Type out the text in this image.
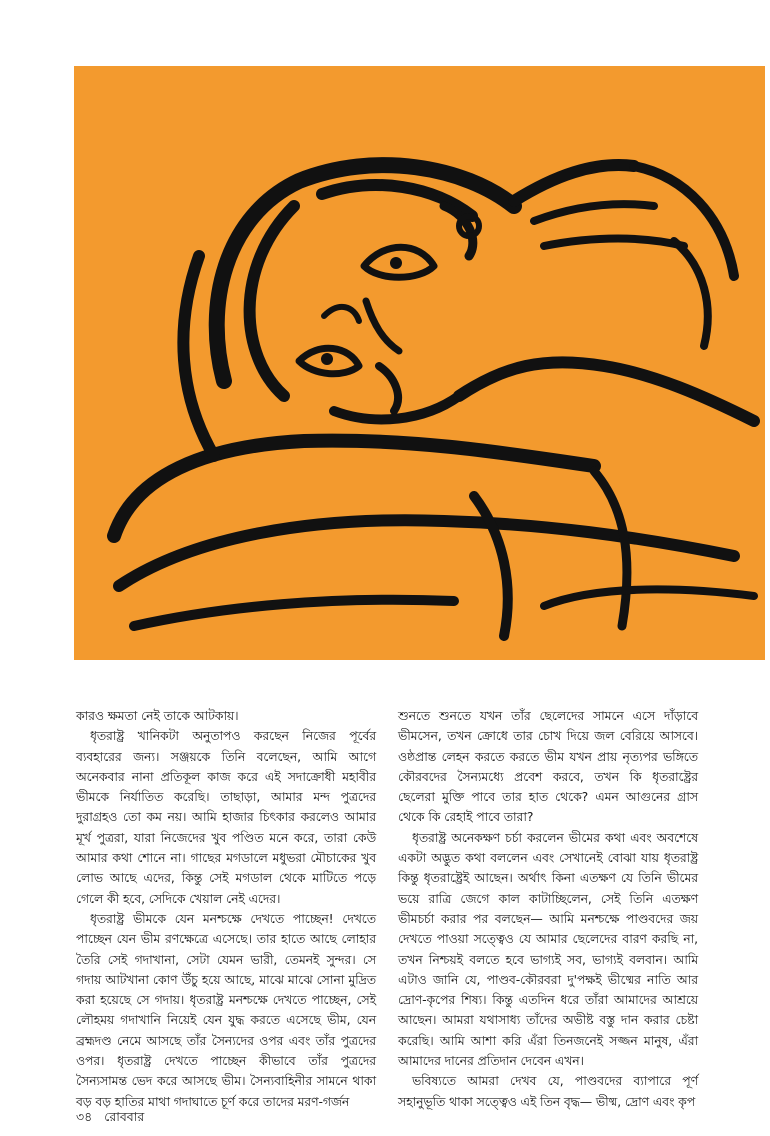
কারও ক্ষমতা নেই তাকে আটকায়।

ধৃতরাষ্ট্র খানিকটা অনুতাপও করছেন নিজের পূর্বের ব্যবহারের জন্য। সঞ্জয়কে তিনি বলেছেন, আমি আগে অনেকবার নানা প্রতিকূল কাজ করে এই সদাক্রোধী মহাবীর ভীমকে নির্যাতিত করেছি। তাছাড়া, আমার মন্দ পুত্রদের দুরাগ্রহও তো কম নয়। আমি হাজার চিৎকার করলেও আমার মূর্খ পুত্ররা, যারা নিজেদের খুব পণ্ডিত মনে করে, তারা কেউ আমার কথা শোনে না। গাছের মগডালে মধুভরা মৌচাকের খুব লোভ আছে এদের, কিন্তু সেই মগডাল থেকে মাটিতে পড়ে গেলে কী হবে, সেদিকে খেয়াল নেই এদের।

ধৃতরাষ্ট্র ভীমকে যেন মনশ্চক্ষে দেখতে পাচ্ছেন! দেখতে পাচ্ছেন যেন ভীম রণক্ষেত্রে এসেছে। তার হাতে আছে লোহার তৈরি সেই গদাখানা, সেটা যেমন ভারী, তেমনই সুন্দর। সে গদায় আটখানা কোণ উঁচু হয়ে আছে, মাঝে মাঝে সোনা মুদ্রিত করা হয়েছে সে গদায়। ধৃতরাষ্ট্র মনশ্চক্ষে দেখতে পাচ্ছেন, সেই লৌহময় গদাখানি নিয়েই যেন যুদ্ধ করতে এসেছে ভীম, যেন ব্রহ্মদণ্ড নেমে আসছে তাঁর সৈন্যদের ওপর এবং তাঁর পুত্রদের ওপর। ধৃতরাষ্ট্র দেখতে পাচ্ছেন কীভাবে তাঁর পুত্রদের সৈন্যসামন্ত ভেদ করে আসছে ভীম। সৈন্যবাহিনীর সামনে থাকা বড় বড় হাতির মাথা গদাঘাতে চূর্ণ করে তাদের মরণ-গর্জন

শুনতে শুনতে যখন তাঁর ছেলেদের সামনে এসে দাঁড়াবে ভীমসেন, তখন ক্রোধে তার চোখ দিয়ে জল বেরিয়ে আসবে। ওষ্ঠপ্রান্ত লেহন করতে করতে ভীম যখন প্রায় নৃত্যপর ভঙ্গিতে কৌরবদের সৈন্যমধ্যে প্রবেশ করবে, তখন কি ধৃতরাষ্ট্রের ছেলেরা মুক্তি পাবে তার হাত থেকে? এমন আগুনের গ্রাস থেকে কি রেহাই পাবে তারা?

ধৃতরাষ্ট্র অনেকক্ষণ চর্চা করলেন ভীমের কথা এবং অবশেষে একটা অদ্ভুত কথা বললেন এবং সেখানেই বোঝা যায় ধৃতরাষ্ট্র কিন্তু ধৃতরাষ্ট্রেই আছেন। অর্থাৎ কিনা এতক্ষণ যে তিনি ভীমের ভয়ে রাত্রি জেগে কাল কাটাচ্ছিলেন, সেই তিনি এতক্ষণ ভীমচর্চা করার পর বলছেন— আমি মনশ্চক্ষে পাণ্ডবদের জয় দেখতে পাওয়া সত্ত্বেও যে আমার ছেলেদের বারণ করছি না, তখন নিশ্চয়ই বলতে হবে ভাগ্যই সব, ভাগ্যই বলবান। আমি এটাও জানি যে, পাণ্ডব-কৌরবরা দু'পক্ষই ভীষ্মের নাতি আর দ্রোণ-কৃপের শিষ্য। কিন্তু এতদিন ধরে তাঁরা আমাদের আশ্রয়ে আছেন। আমরা যথাসাধ্য তাঁদের অভীষ্ট বস্তু দান করার চেষ্টা করেছি। আমি আশা করি এঁরা তিনজনেই সজ্জন মানুষ, এঁরা আমাদের দানের প্রতিদান দেবেন এখন।

ভবিষ্যতে আমরা দেখব যে, পাণ্ডবদের ব্যাপারে পূর্ণ সহানুভূতি থাকা সত্ত্বেও এই তিন বৃদ্ধ— ভীষ্ম, দ্রোণ এবং কৃপ

৩৪ রোববার
